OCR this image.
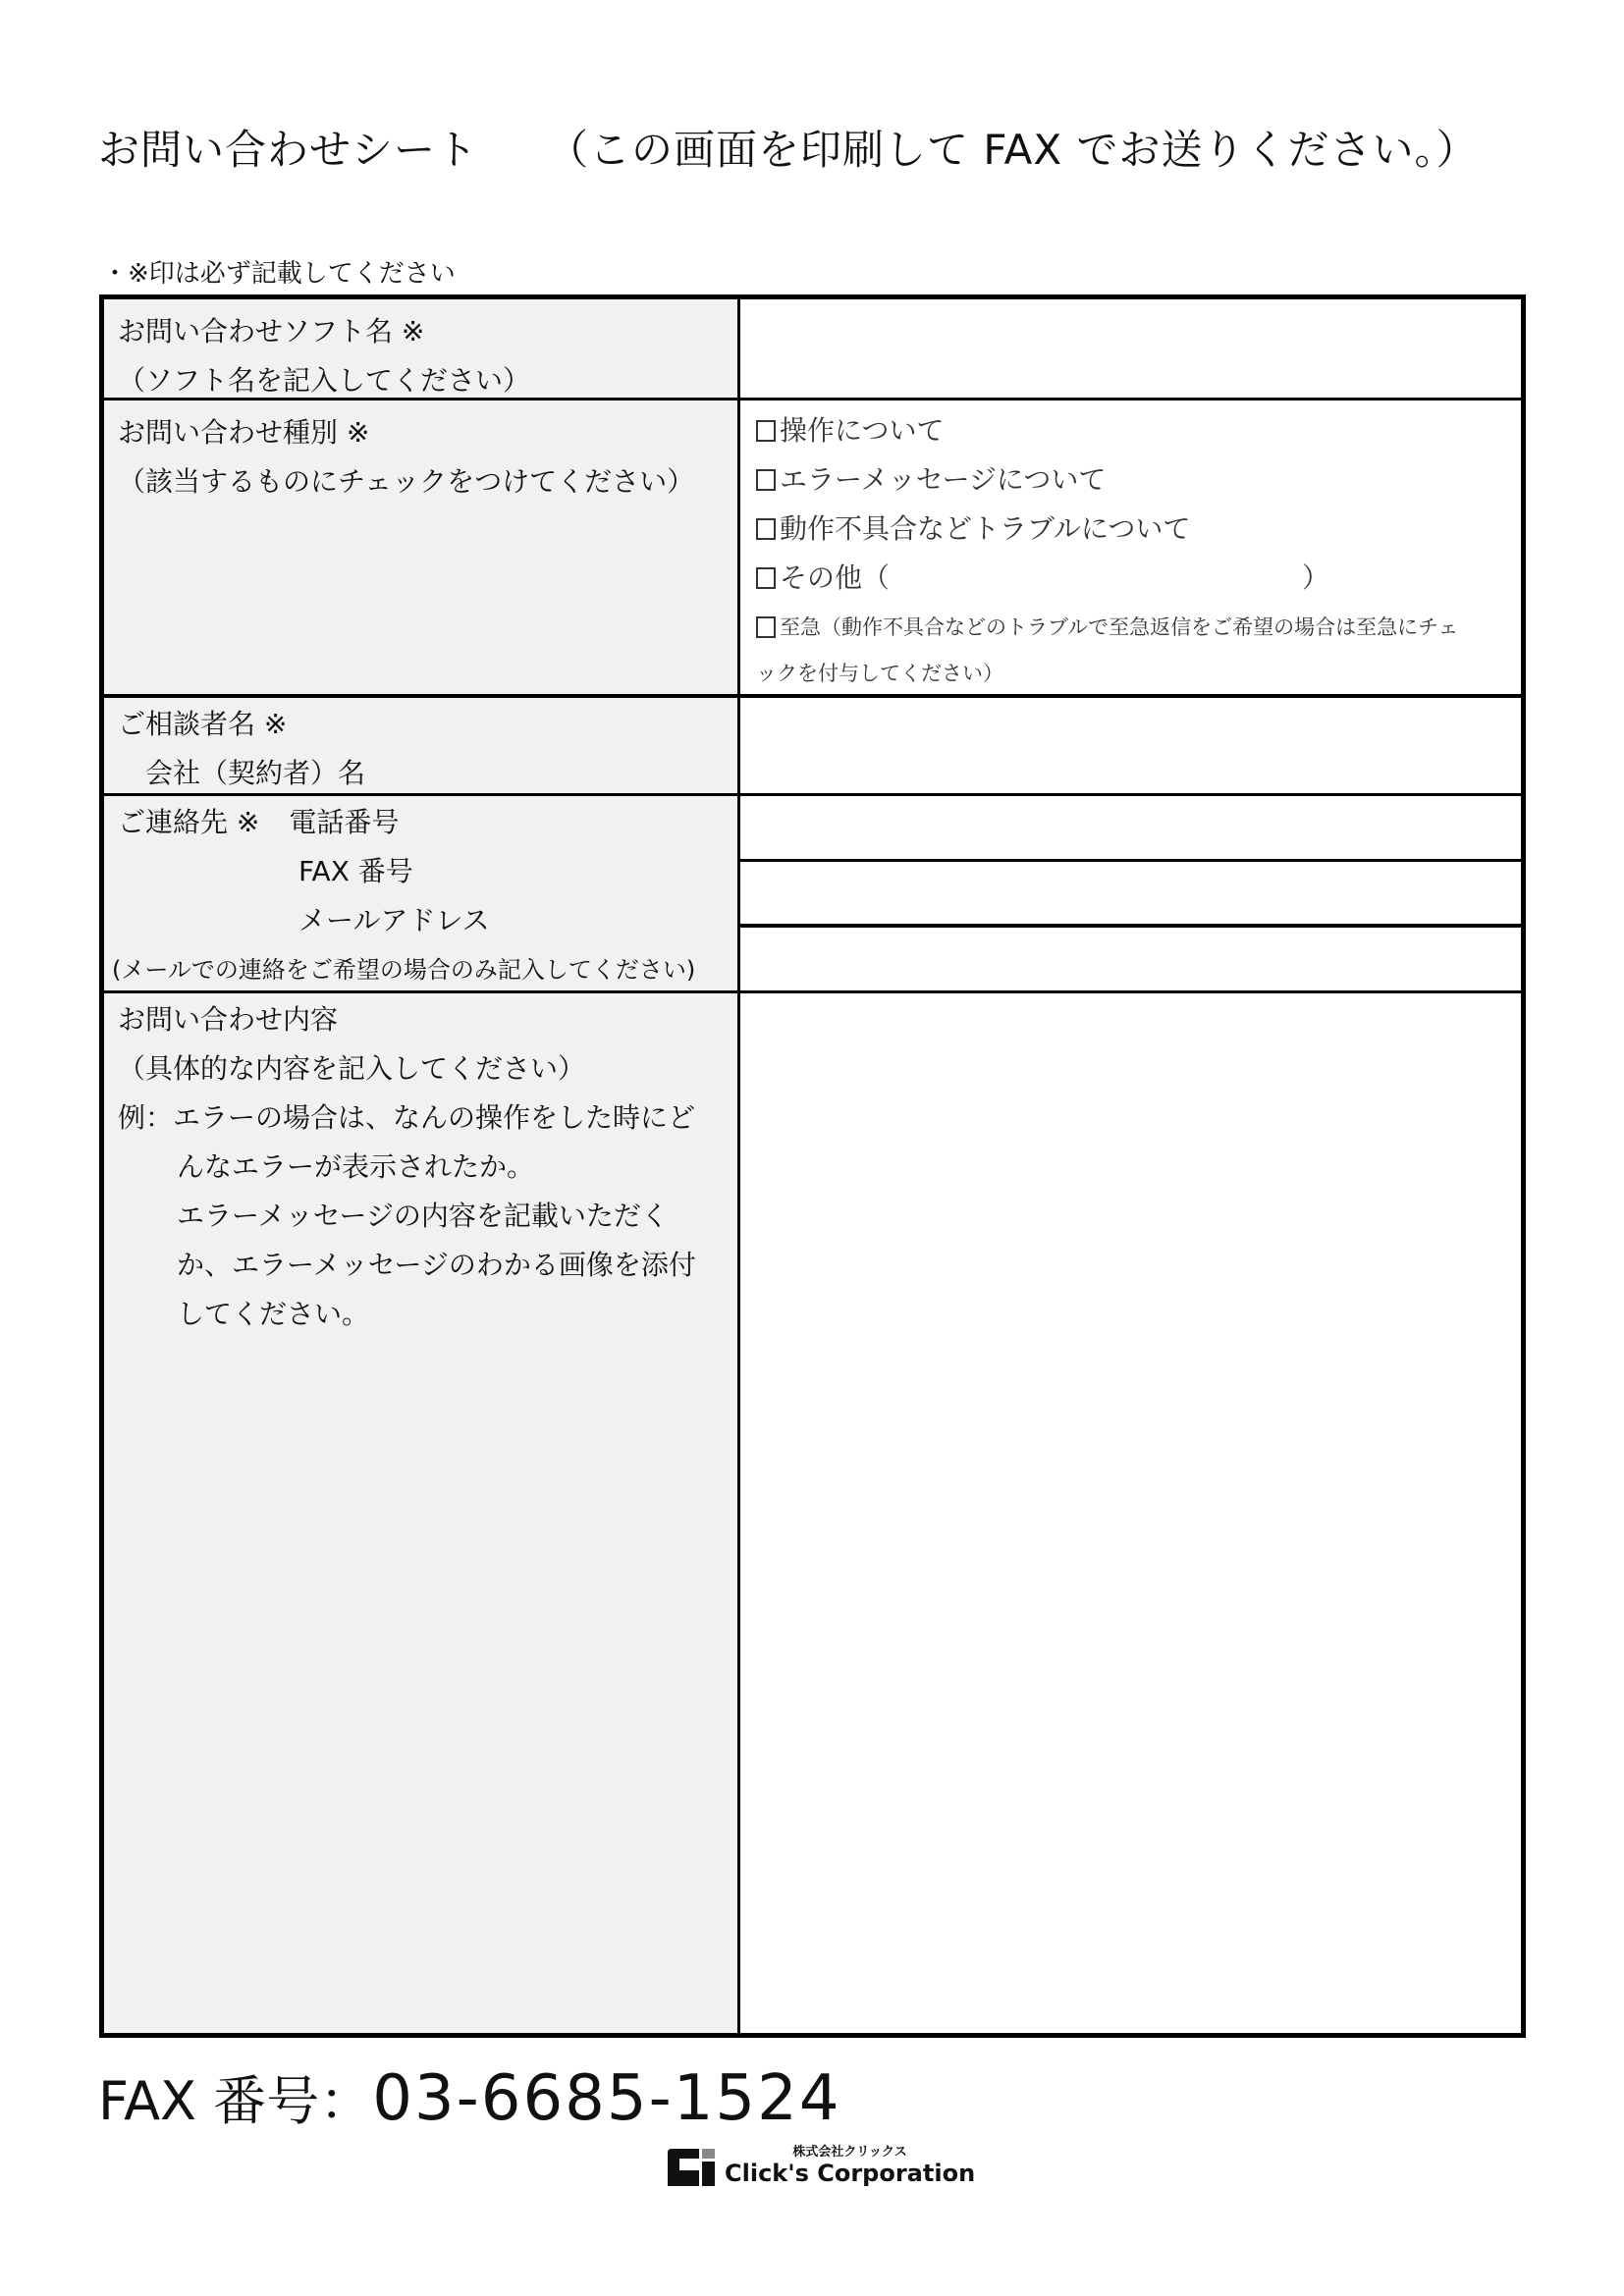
お問い合わせシート （この画面を印刷して FAX でお送りください。）
・※印は必ず記載してください
お問い合わせソフト名 ※
（ソフト名を記入してください）
お問い合わせ種別 ※
（該当するものにチェックをつけてください）
操作について
エラーメッセージについて
動作不具合などトラブルについて
その他（	）
至急（動作不具合などのトラブルで至急返信をご希望の場合は至急にチェ
ックを付与してください）
ご相談者名 ※
会社（契約者）名
ご連絡先 ※ 電話番号
FAX 番号
メールアドレス
(メールでの連絡をご希望の場合のみ記入してください)
お問い合わせ内容
（具体的な内容を記入してください）
例：エラーの場合は、なんの操作をした時にど
んなエラーが表示されたか。
エラーメッセージの内容を記載いただく
か、エラーメッセージのわかる画像を添付
してください。
FAX 番号：03-6685-1524
株式会社クリックス
Click's Corporation
